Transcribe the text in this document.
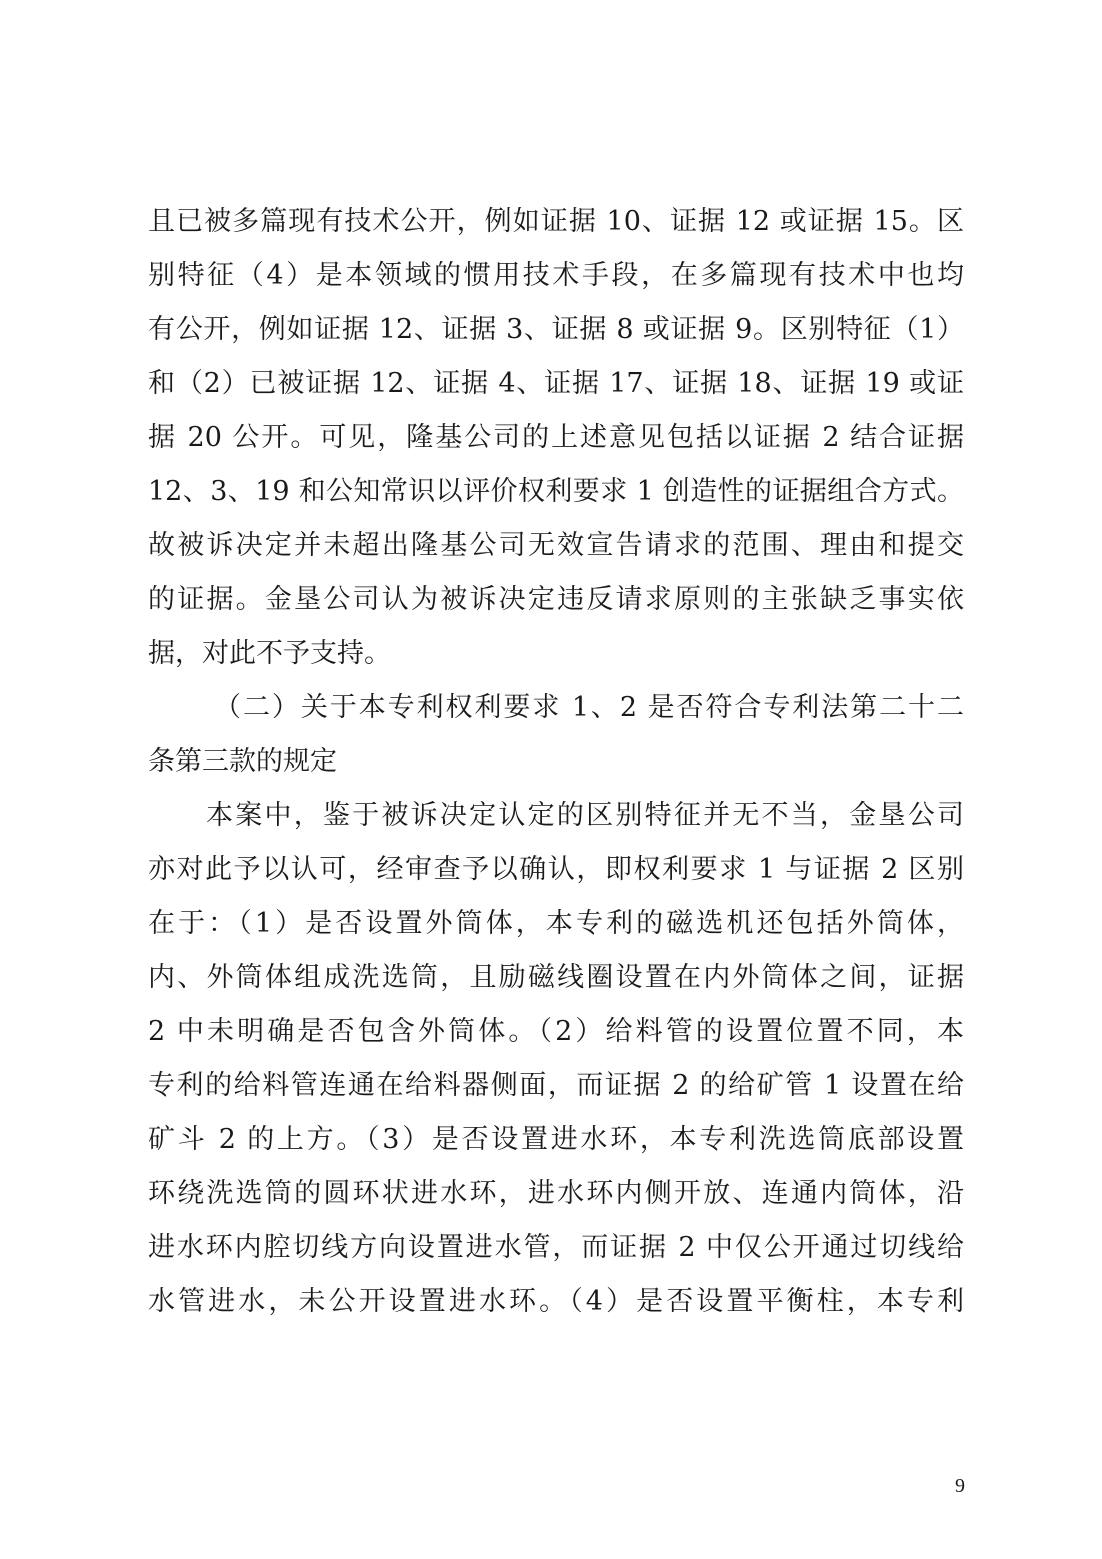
且已被多篇现有技术公开，例如证据 10、证据 12 或证据 15。区
别特征（4）是本领域的惯用技术手段，在多篇现有技术中也均
有公开，例如证据 12、证据 3、证据 8 或证据 9。区别特征（1）
和（2）已被证据 12、证据 4、证据 17、证据 18、证据 19 或证
据 20 公开。可见，隆基公司的上述意见包括以证据 2 结合证据
12、3、19 和公知常识以评价权利要求 1 创造性的证据组合方式。
故被诉决定并未超出隆基公司无效宣告请求的范围、理由和提交
的证据。金垦公司认为被诉决定违反请求原则的主张缺乏事实依
据，对此不予支持。
（二）关于本专利权利要求 1、2 是否符合专利法第二十二
条第三款的规定
本案中，鉴于被诉决定认定的区别特征并无不当，金垦公司
亦对此予以认可，经审查予以确认，即权利要求 1 与证据 2 区别
在于：（1）是否设置外筒体，本专利的磁选机还包括外筒体，
内、外筒体组成洗选筒，且励磁线圈设置在内外筒体之间，证据
2 中未明确是否包含外筒体。（2）给料管的设置位置不同，本
专利的给料管连通在给料器侧面，而证据 2 的给矿管 1 设置在给
矿斗 2 的上方。（3）是否设置进水环，本专利洗选筒底部设置
环绕洗选筒的圆环状进水环，进水环内侧开放、连通内筒体，沿
进水环内腔切线方向设置进水管，而证据 2 中仅公开通过切线给
水管进水，未公开设置进水环。（4）是否设置平衡柱，本专利
9
